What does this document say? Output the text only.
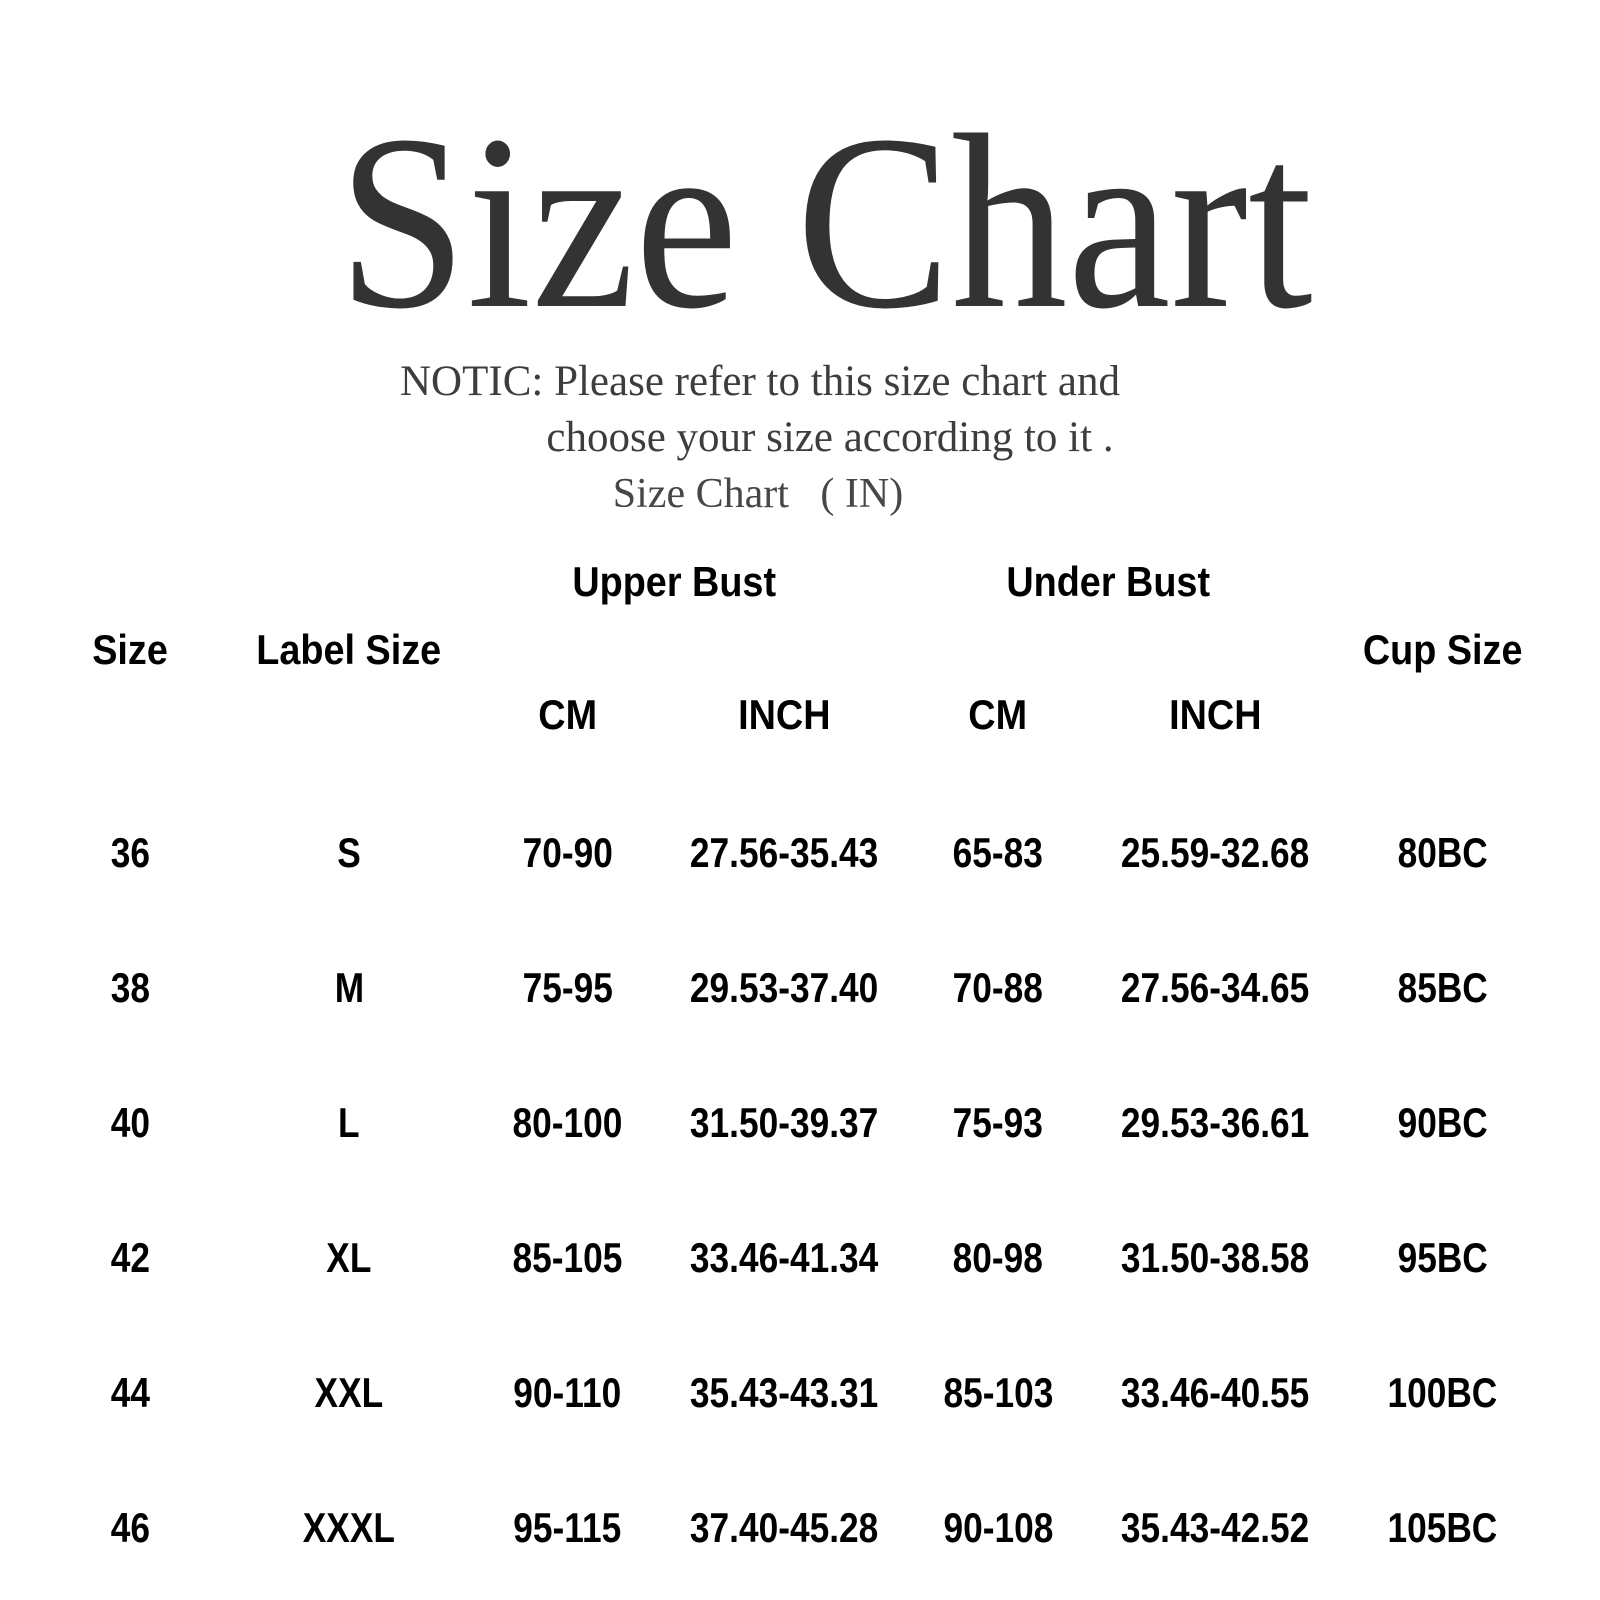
Size Chart
NOTIC: Please refer to this size chart and
choose your size according to it .
Size Chart   ( IN)
Upper Bust	Under Bust
Size Label Size	Cup Size
CM	INCH	CM	INCH
36	S	70-90 27.56-35.43 65-83 25.59-32.68 80BC
38	M	75-95 29.53-37.40 70-88 27.56-34.65 85BC
40	L	80-100 31.50-39.37 75-93 29.53-36.61 90BC
42	XL	85-105 33.46-41.34 80-98 31.50-38.58 95BC
44	XXL	90-110 35.43-43.31 85-103 33.46-40.55 100BC
46	XXXL	95-115 37.40-45.28 90-108 35.43-42.52 105BC
